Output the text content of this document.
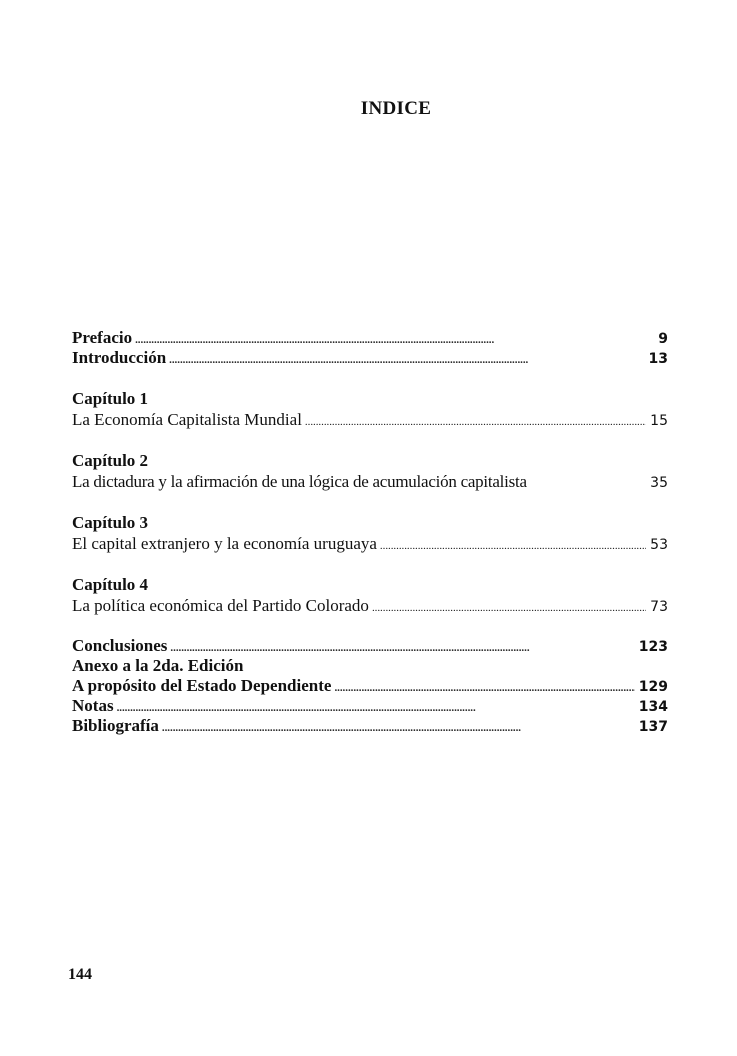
INDICE
Prefacio . . .	9
Introducción . . .	13
Capítulo 1
La Economía Capitalista Mundial . . .	15
Capítulo 2
La dictadura y la afirmación de una lógica de acumulación capitalista	35
Capítulo 3
El capital extranjero y la economía uruguaya . . .	53
Capítulo 4
La política económica del Partido Colorado . . .	73
Conclusiones . . .	123
Anexo a la 2da. Edición
A propósito del Estado Dependiente . . .	129
Notas . . .	134
Bibliografía . . .	137
144
